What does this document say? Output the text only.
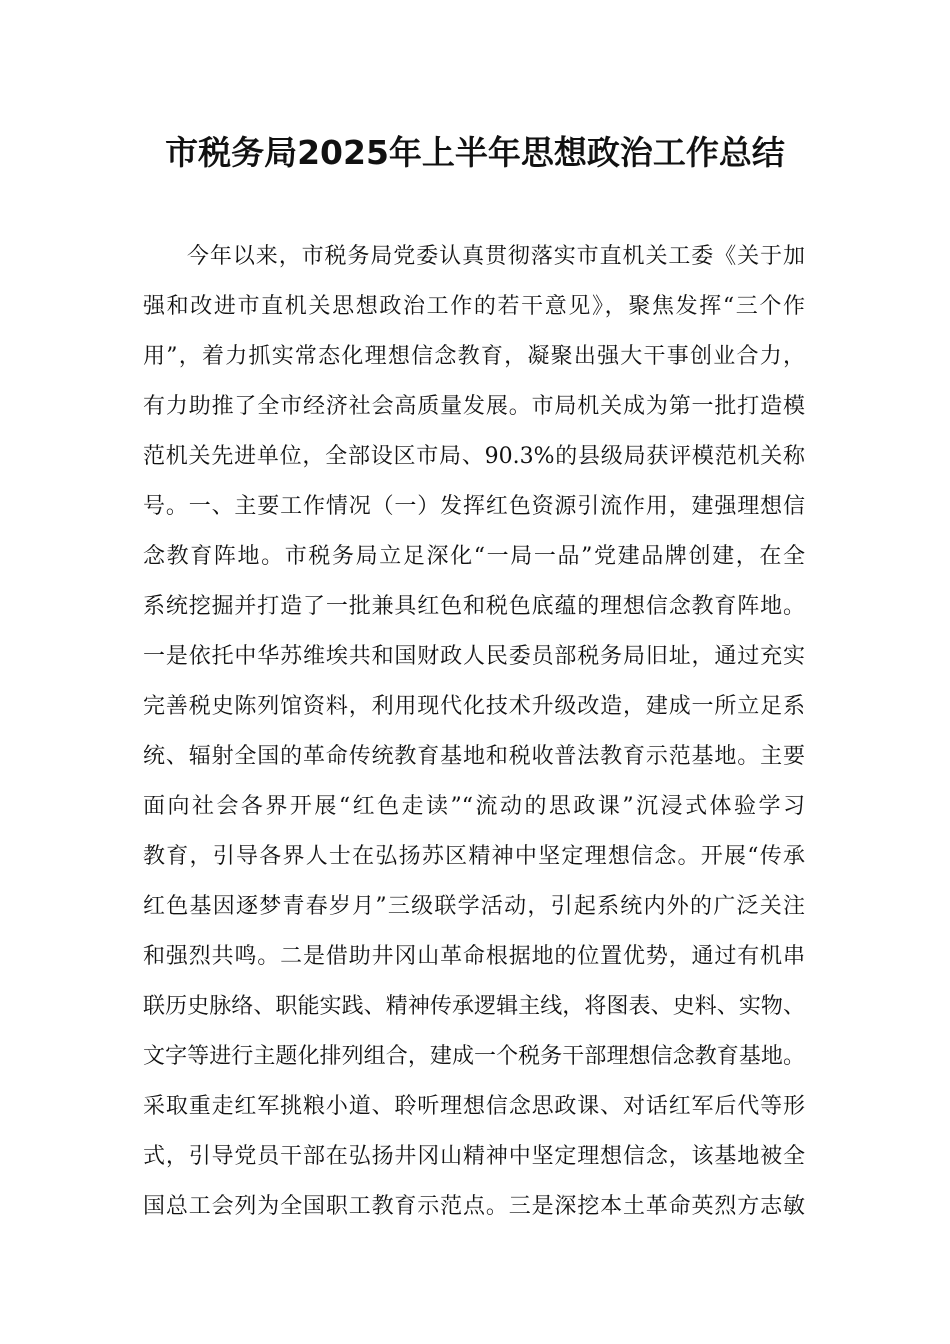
市税务局2025年上半年思想政治工作总结
今年以来，市税务局党委认真贯彻落实市直机关工委《关于加
强和改进市直机关思想政治工作的若干意见》，聚焦发挥“三个作
用”，着力抓实常态化理想信念教育，凝聚出强大干事创业合力，
有力助推了全市经济社会高质量发展。市局机关成为第一批打造模
范机关先进单位，全部设区市局、90.3%的县级局获评模范机关称
号。一、主要工作情况（一）发挥红色资源引流作用，建强理想信
念教育阵地。市税务局立足深化“一局一品”党建品牌创建，在全
系统挖掘并打造了一批兼具红色和税色底蕴的理想信念教育阵地。
一是依托中华苏维埃共和国财政人民委员部税务局旧址，通过充实
完善税史陈列馆资料，利用现代化技术升级改造，建成一所立足系
统、辐射全国的革命传统教育基地和税收普法教育示范基地。主要
面向社会各界开展“红色走读”“流动的思政课”沉浸式体验学习
教育，引导各界人士在弘扬苏区精神中坚定理想信念。开展“传承
红色基因逐梦青春岁月”三级联学活动，引起系统内外的广泛关注
和强烈共鸣。二是借助井冈山革命根据地的位置优势，通过有机串
联历史脉络、职能实践、精神传承逻辑主线，将图表、史料、实物、
文字等进行主题化排列组合，建成一个税务干部理想信念教育基地。
采取重走红军挑粮小道、聆听理想信念思政课、对话红军后代等形
式，引导党员干部在弘扬井冈山精神中坚定理想信念，该基地被全
国总工会列为全国职工教育示范点。三是深挖本土革命英烈方志敏
